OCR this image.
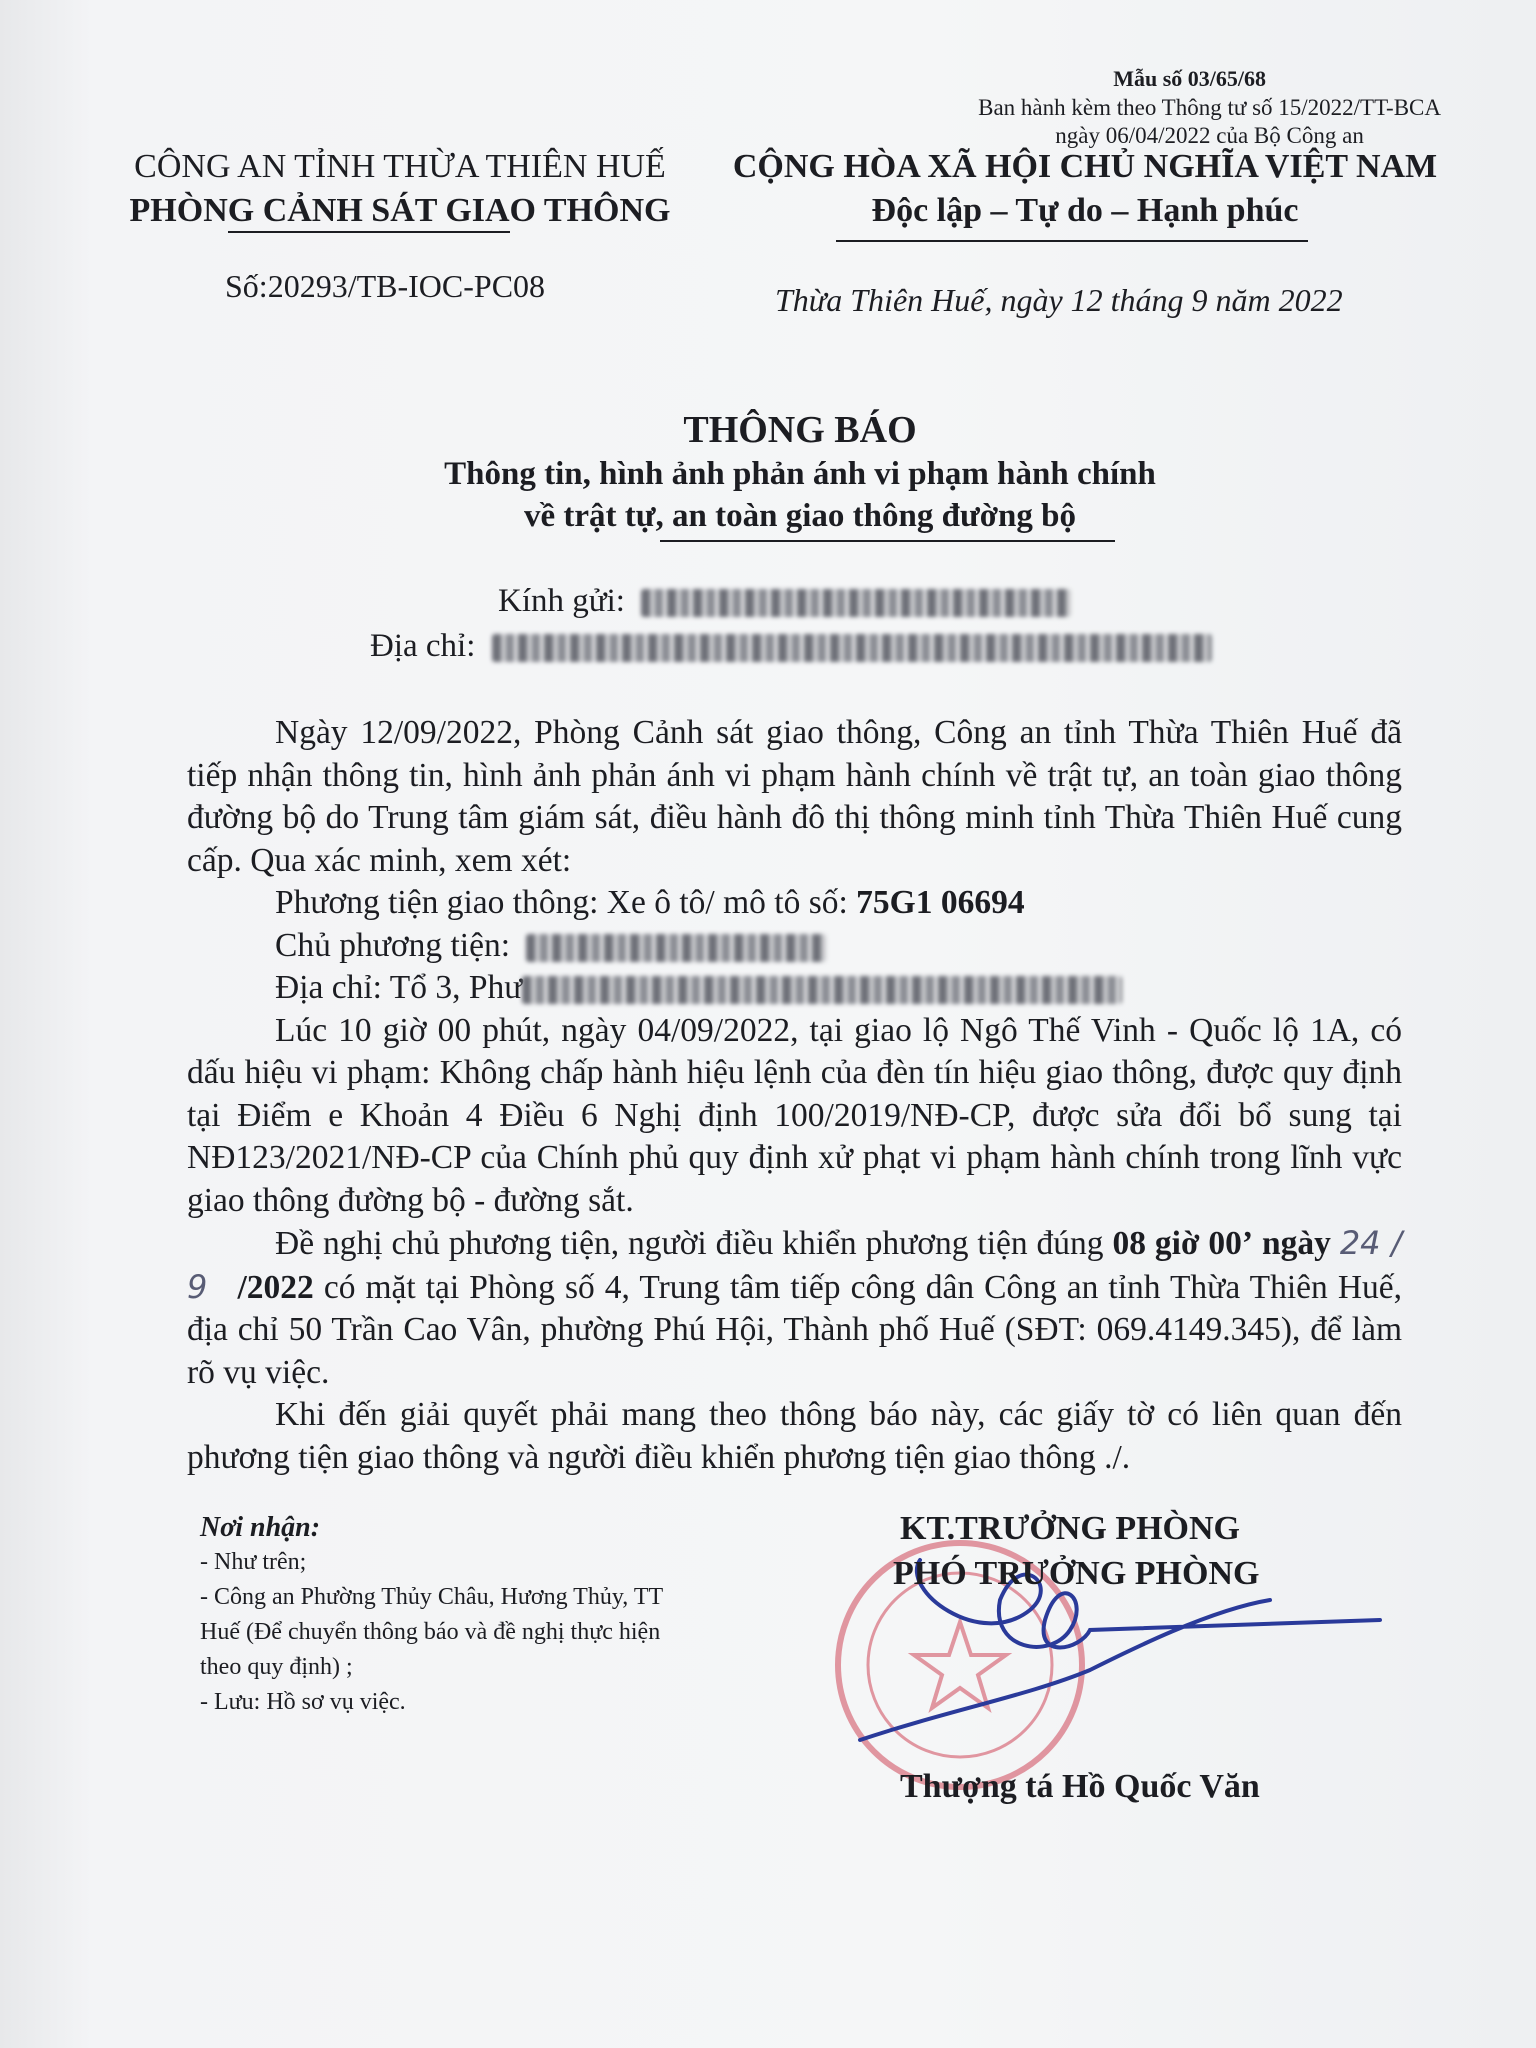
Mẫu số 03/65/68
Ban hành kèm theo Thông tư số 15/2022/TT-BCA
ngày 06/04/2022 của Bộ Công an
CÔNG AN TỈNH THỪA THIÊN HUẾ
PHÒNG CẢNH SÁT GIAO THÔNG
CỘNG HÒA XÃ HỘI CHỦ NGHĨA VIỆT NAM
Độc lập – Tự do – Hạnh phúc
Số:20293/TB-IOC-PC08	Thừa Thiên Huế, ngày 12 tháng 9 năm 2022
THÔNG BÁO
Thông tin, hình ảnh phản ánh vi phạm hành chính
về trật tự, an toàn giao thông đường bộ
Kính gửi:
Địa chỉ:

Ngày 12/09/2022, Phòng Cảnh sát giao thông, Công an tỉnh Thừa Thiên Huế đã tiếp nhận thông tin, hình ảnh phản ánh vi phạm hành chính về trật tự, an toàn giao thông đường bộ do Trung tâm giám sát, điều hành đô thị thông minh tỉnh Thừa Thiên Huế cung cấp. Qua xác minh, xem xét:

Phương tiện giao thông: Xe ô tô/ mô tô số: 75G1 06694
Chủ phương tiện:
Địa chỉ: Tổ 3, Phư

Lúc 10 giờ 00 phút, ngày 04/09/2022, tại giao lộ Ngô Thế Vinh - Quốc lộ 1A, có dấu hiệu vi phạm: Không chấp hành hiệu lệnh của đèn tín hiệu giao thông, được quy định tại Điểm e Khoản 4 Điều 6 Nghị định 100/2019/NĐ-CP, được sửa đổi bổ sung tại NĐ123/2021/NĐ-CP của Chính phủ quy định xử phạt vi phạm hành chính trong lĩnh vực giao thông đường bộ - đường sắt.

Đề nghị chủ phương tiện, người điều khiển phương tiện đúng 08 giờ 00’ ngày 24 / 9 /2022 có mặt tại Phòng số 4, Trung tâm tiếp công dân Công an tỉnh Thừa Thiên Huế, địa chỉ 50 Trần Cao Vân, phường Phú Hội, Thành phố Huế (SĐT: 069.4149.345), để làm rõ vụ việc.

Khi đến giải quyết phải mang theo thông báo này, các giấy tờ có liên quan đến phương tiện giao thông và người điều khiển phương tiện giao thông ./.

Nơi nhận:
- Như trên;
- Công an Phường Thủy Châu, Hương Thủy, TT
Huế (Để chuyển thông báo và đề nghị thực hiện
theo quy định) ;
- Lưu: Hồ sơ vụ việc.
KT.TRƯỞNG PHÒNG
PHÓ TRƯỞNG PHÒNG
Thượng tá Hồ Quốc Văn
